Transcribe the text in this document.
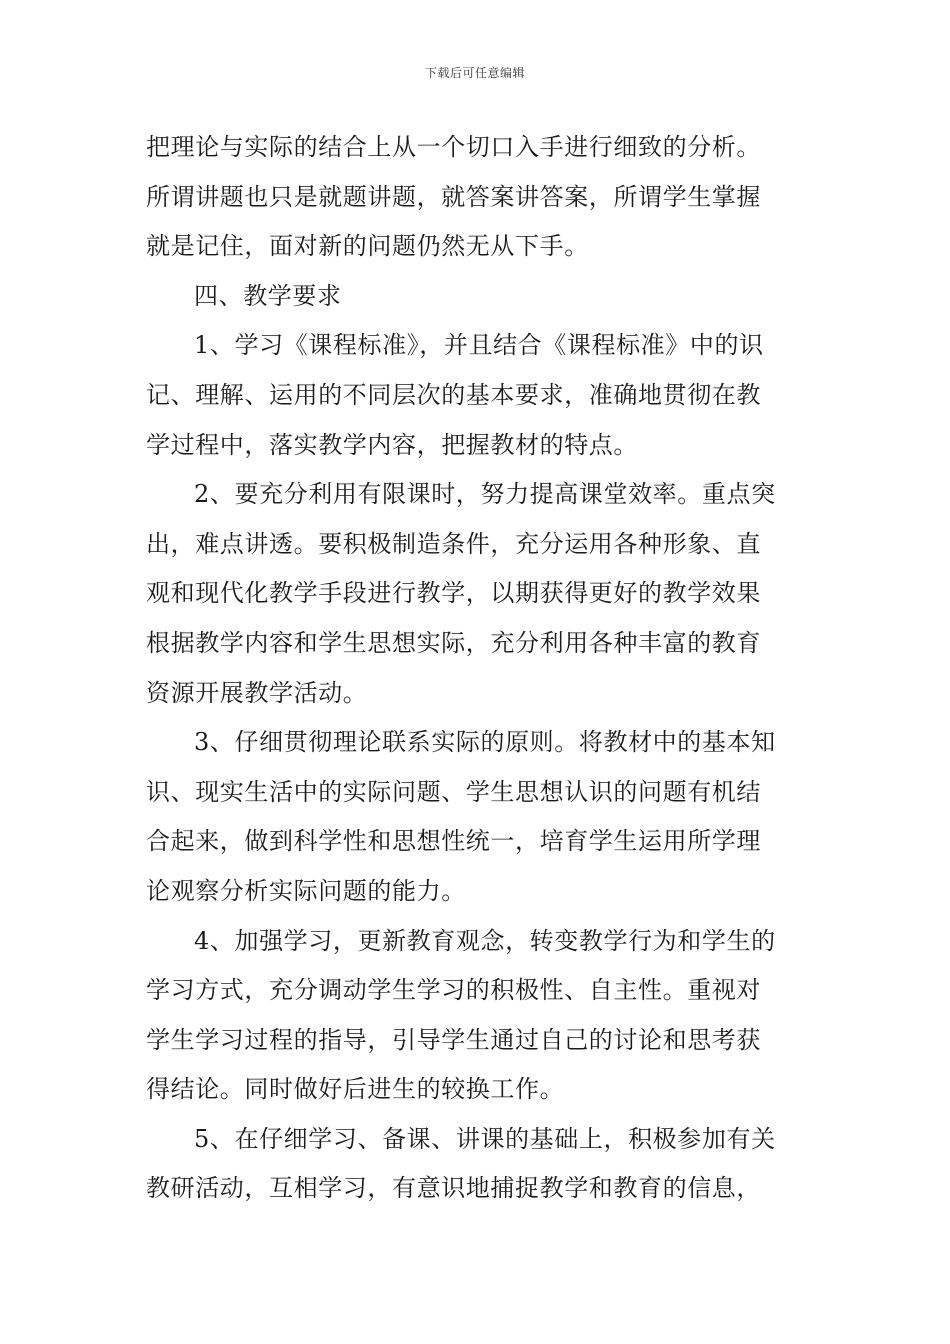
下载后可任意编辑
把理论与实际的结合上从一个切口入手进行细致的分析。
所谓讲题也只是就题讲题，就答案讲答案，所谓学生掌握
就是记住，面对新的问题仍然无从下手。
四、教学要求
1、学习《课程标准》，并且结合《课程标准》中的识
记、理解、运用的不同层次的基本要求，准确地贯彻在教
学过程中，落实教学内容，把握教材的特点。
2、要充分利用有限课时，努力提高课堂效率。重点突
出，难点讲透。要积极制造条件，充分运用各种形象、直
观和现代化教学手段进行教学，以期获得更好的教学效果
根据教学内容和学生思想实际，充分利用各种丰富的教育
资源开展教学活动。
3、仔细贯彻理论联系实际的原则。将教材中的基本知
识、现实生活中的实际问题、学生思想认识的问题有机结
合起来，做到科学性和思想性统一，培育学生运用所学理
论观察分析实际问题的能力。
4、加强学习，更新教育观念，转变教学行为和学生的
学习方式，充分调动学生学习的积极性、自主性。重视对
学生学习过程的指导，引导学生通过自己的讨论和思考获
得结论。同时做好后进生的较换工作。
5、在仔细学习、备课、讲课的基础上，积极参加有关
教研活动，互相学习，有意识地捕捉教学和教育的信息，
